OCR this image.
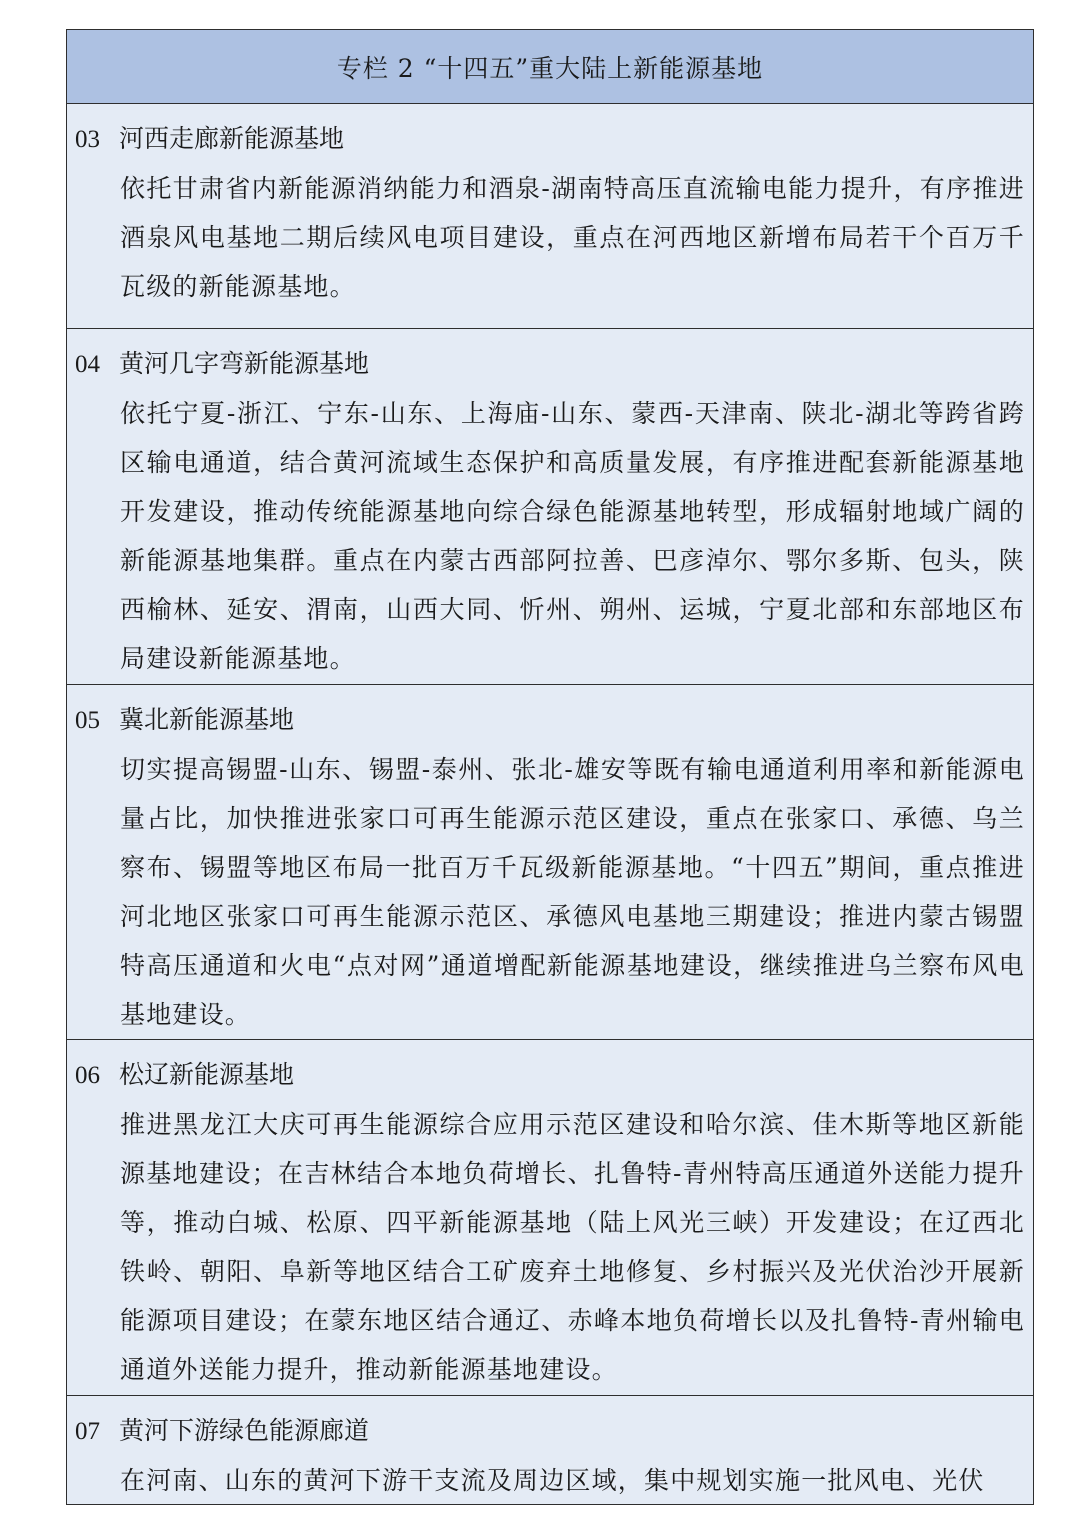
专栏 2 “十四五”重大陆上新能源基地
03 河西走廊新能源基地
依托甘肃省内新能源消纳能力和酒泉-湖南特高压直流输电能力提升，有序推进酒泉风电基地二期后续风电项目建设，重点在河西地区新增布局若干个百万千瓦级的新能源基地。
04 黄河几字弯新能源基地
依托宁夏-浙江、宁东-山东、上海庙-山东、蒙西-天津南、陕北-湖北等跨省跨区输电通道，结合黄河流域生态保护和高质量发展，有序推进配套新能源基地开发建设，推动传统能源基地向综合绿色能源基地转型，形成辐射地域广阔的新能源基地集群。重点在内蒙古西部阿拉善、巴彦淖尔、鄂尔多斯、包头，陕西榆林、延安、渭南，山西大同、忻州、朔州、运城，宁夏北部和东部地区布局建设新能源基地。
05 冀北新能源基地
切实提高锡盟-山东、锡盟-泰州、张北-雄安等既有输电通道利用率和新能源电量占比，加快推进张家口可再生能源示范区建设，重点在张家口、承德、乌兰察布、锡盟等地区布局一批百万千瓦级新能源基地。“十四五”期间，重点推进河北地区张家口可再生能源示范区、承德风电基地三期建设；推进内蒙古锡盟特高压通道和火电“点对网”通道增配新能源基地建设，继续推进乌兰察布风电基地建设。
06 松辽新能源基地
推进黑龙江大庆可再生能源综合应用示范区建设和哈尔滨、佳木斯等地区新能源基地建设；在吉林结合本地负荷增长、扎鲁特-青州特高压通道外送能力提升等，推动白城、松原、四平新能源基地（陆上风光三峡）开发建设；在辽西北铁岭、朝阳、阜新等地区结合工矿废弃土地修复、乡村振兴及光伏治沙开展新能源项目建设；在蒙东地区结合通辽、赤峰本地负荷增长以及扎鲁特-青州输电通道外送能力提升，推动新能源基地建设。
07 黄河下游绿色能源廊道
在河南、山东的黄河下游干支流及周边区域，集中规划实施一批风电、光伏
